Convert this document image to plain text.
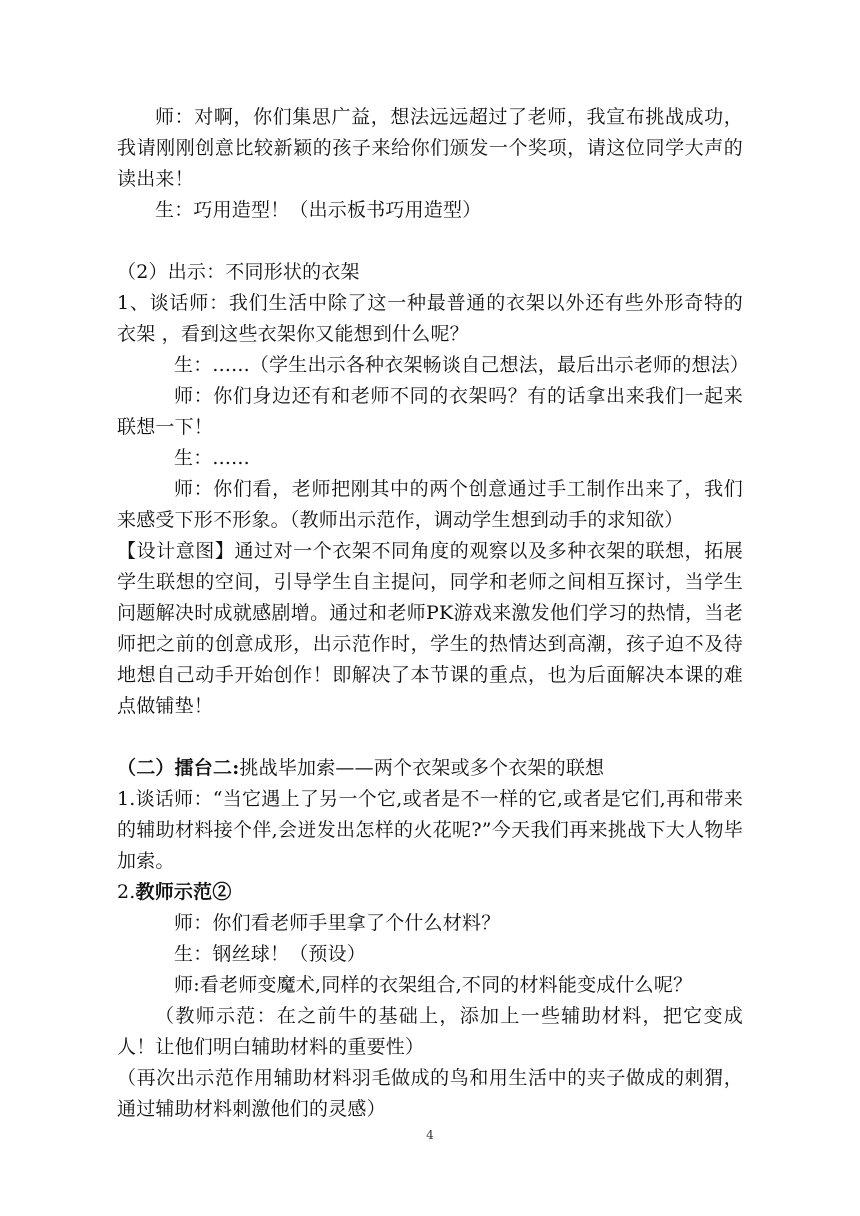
师：对啊，你们集思广益，想法远远超过了老师，我宣布挑战成功，我请刚刚创意比较新颖的孩子来给你们颁发一个奖项，请这位同学大声的读出来！

生：巧用造型！（出示板书巧用造型）

（2）出示：不同形状的衣架

1、谈话师：我们生活中除了这一种最普通的衣架以外还有些外形奇特的衣架 ，看到这些衣架你又能想到什么呢？

生：......（学生出示各种衣架畅谈自己想法，最后出示老师的想法）

师：你们身边还有和老师不同的衣架吗？有的话拿出来我们一起来联想一下！

生：......

师：你们看，老师把刚其中的两个创意通过手工制作出来了，我们来感受下形不形象。（教师出示范作，调动学生想到动手的求知欲）

【设计意图】通过对一个衣架不同角度的观察以及多种衣架的联想，拓展学生联想的空间，引导学生自主提问，同学和老师之间相互探讨，当学生问题解决时成就感剧增。通过和老师PK游戏来激发他们学习的热情，当老师把之前的创意成形，出示范作时，学生的热情达到高潮，孩子迫不及待地想自己动手开始创作！即解决了本节课的重点，也为后面解决本课的难点做铺垫！

（二）擂台二:挑战毕加索——两个衣架或多个衣架的联想

1.谈话师：“当它遇上了另一个它,或者是不一样的它,或者是它们,再和带来的辅助材料接个伴,会迸发出怎样的火花呢?”今天我们再来挑战下大人物毕加索。

2.教师示范②

师：你们看老师手里拿了个什么材料？

生：钢丝球！（预设）

师:看老师变魔术,同样的衣架组合,不同的材料能变成什么呢？

（教师示范：在之前牛的基础上，添加上一些辅助材料，把它变成人！让他们明白辅助材料的重要性）

（再次出示范作用辅助材料羽毛做成的鸟和用生活中的夹子做成的刺猬，通过辅助材料刺激他们的灵感）

4
